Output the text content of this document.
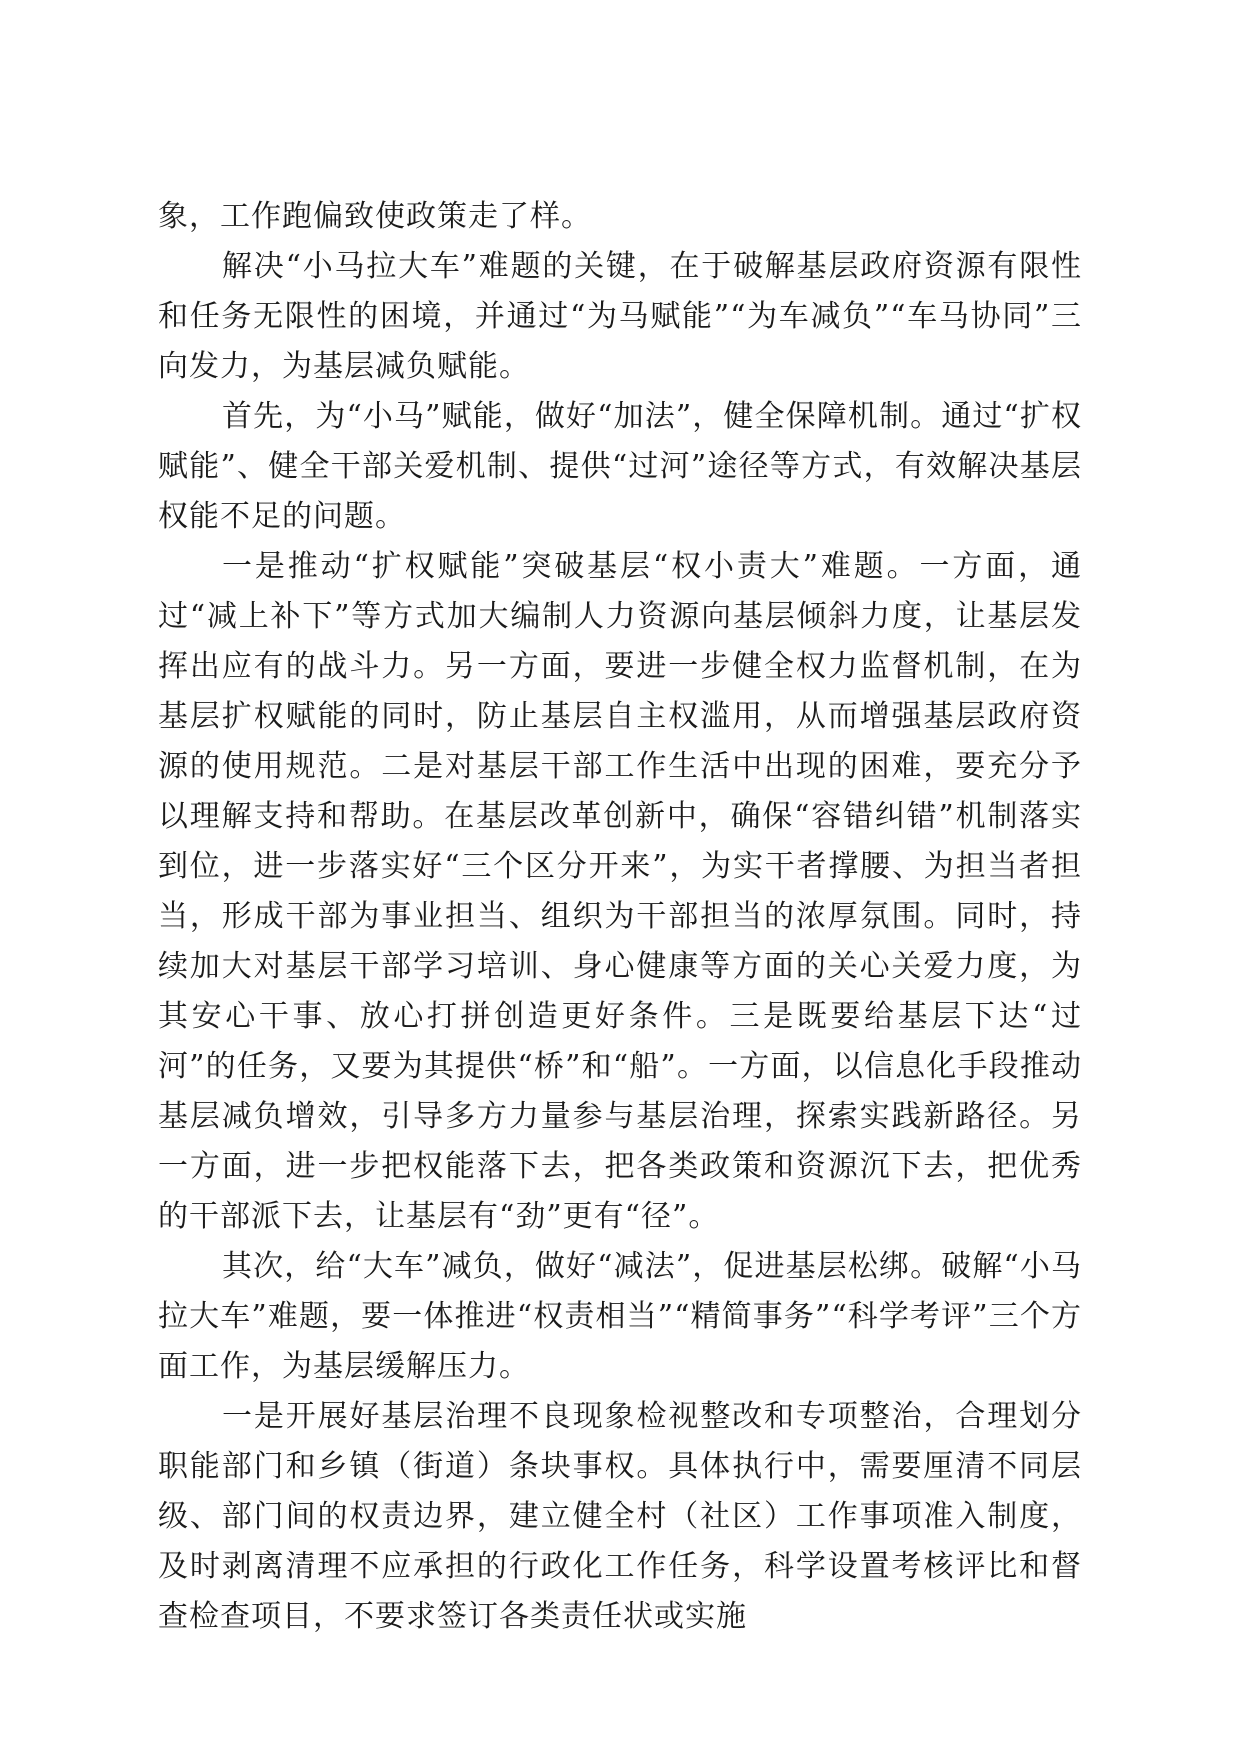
象，工作跑偏致使政策走了样。

解决“小马拉大车”难题的关键，在于破解基层政府资源有限性和任务无限性的困境，并通过“为马赋能”“为车减负”“车马协同”三向发力，为基层减负赋能。

首先，为“小马”赋能，做好“加法”，健全保障机制。通过“扩权赋能”、健全干部关爱机制、提供“过河”途径等方式，有效解决基层权能不足的问题。

一是推动“扩权赋能”突破基层“权小责大”难题。一方面，通过“减上补下”等方式加大编制人力资源向基层倾斜力度，让基层发挥出应有的战斗力。另一方面，要进一步健全权力监督机制，在为基层扩权赋能的同时，防止基层自主权滥用，从而增强基层政府资源的使用规范。二是对基层干部工作生活中出现的困难，要充分予以理解支持和帮助。在基层改革创新中，确保“容错纠错”机制落实到位，进一步落实好“三个区分开来”，为实干者撑腰、为担当者担当，形成干部为事业担当、组织为干部担当的浓厚氛围。同时，持续加大对基层干部学习培训、身心健康等方面的关心关爱力度，为其安心干事、放心打拼创造更好条件。三是既要给基层下达“过河”的任务，又要为其提供“桥”和“船”。一方面，以信息化手段推动基层减负增效，引导多方力量参与基层治理，探索实践新路径。另一方面，进一步把权能落下去，把各类政策和资源沉下去，把优秀的干部派下去，让基层有“劲”更有“径”。

其次，给“大车”减负，做好“减法”，促进基层松绑。破解“小马拉大车”难题，要一体推进“权责相当”“精简事务”“科学考评”三个方面工作，为基层缓解压力。

一是开展好基层治理不良现象检视整改和专项整治，合理划分职能部门和乡镇（街道）条块事权。具体执行中，需要厘清不同层级、部门间的权责边界，建立健全村（社区）工作事项准入制度，及时剥离清理不应承担的行政化工作任务，科学设置考核评比和督查检查项目，不要求签订各类责任状或实施
